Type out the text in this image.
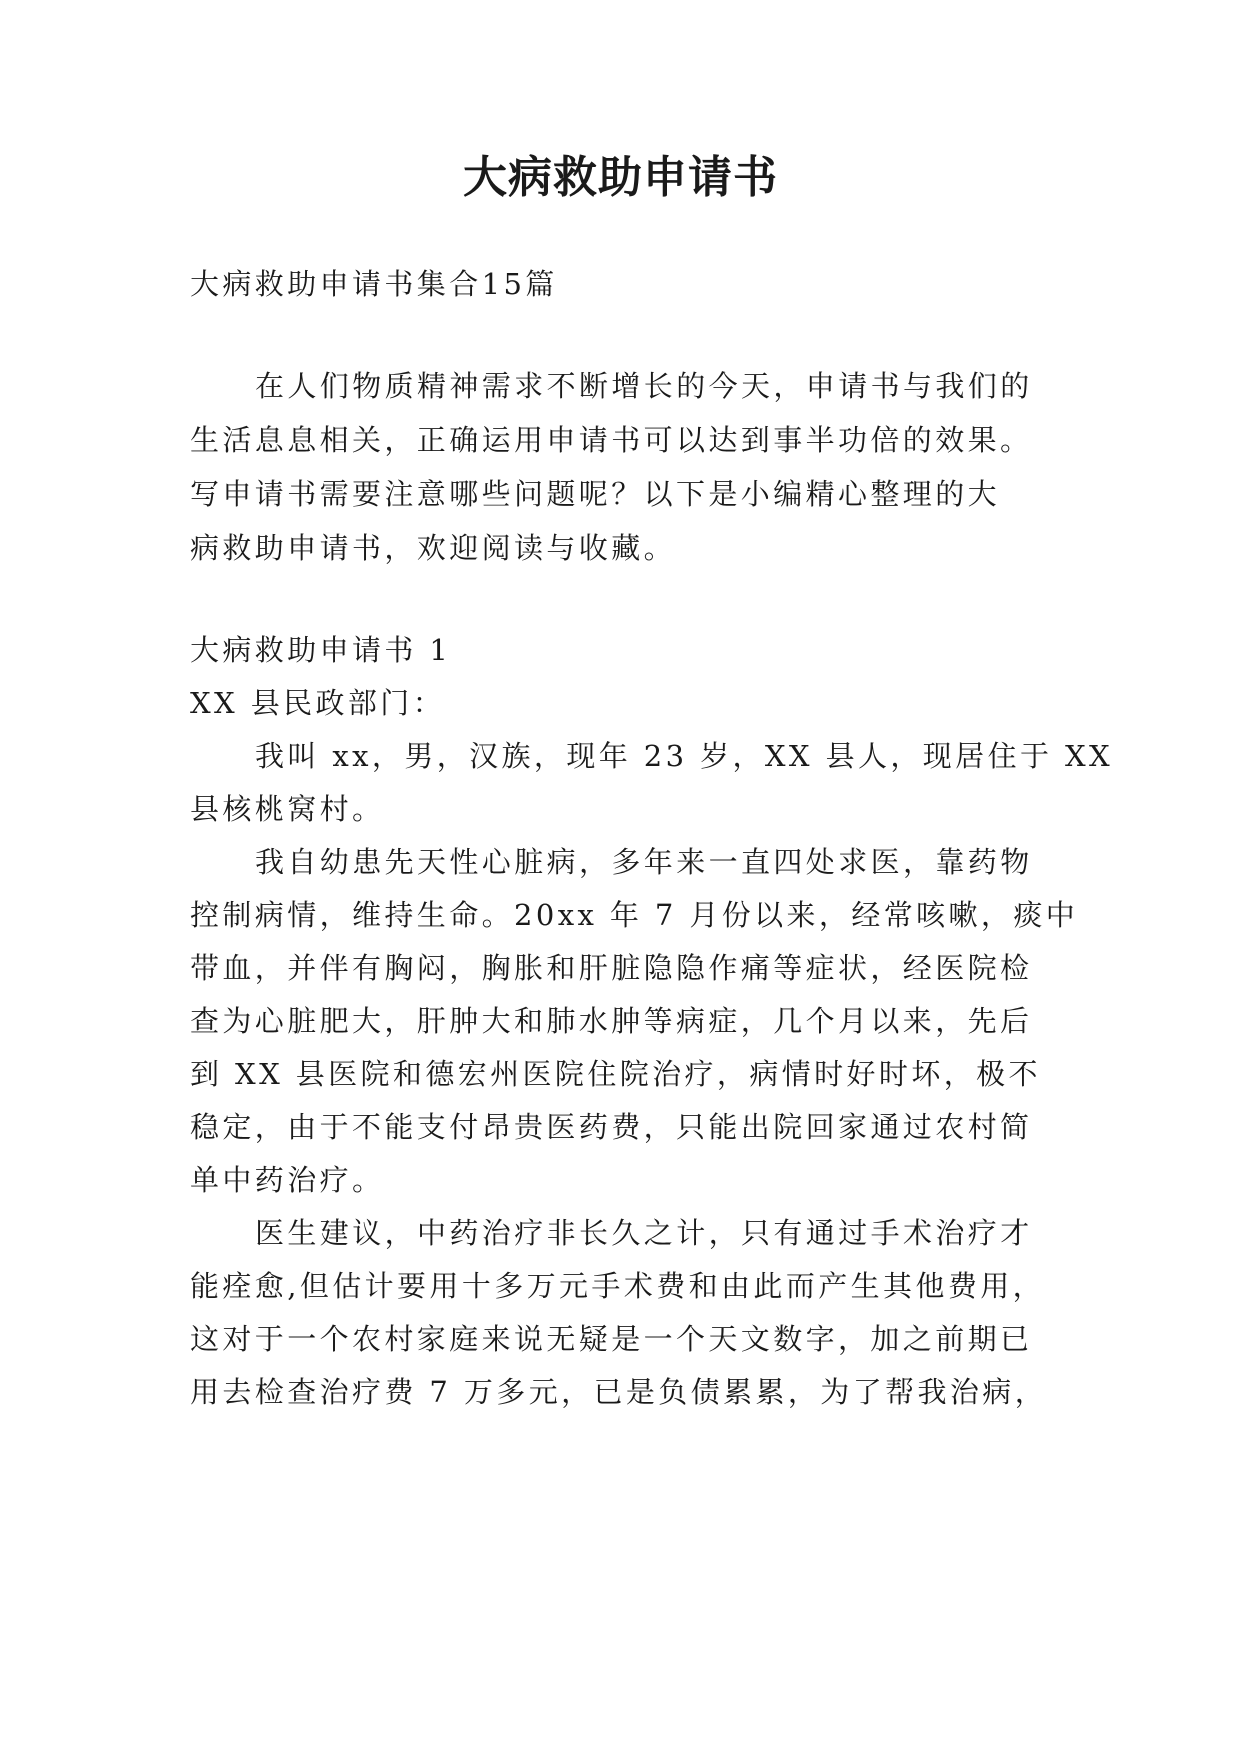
大病救助申请书
大病救助申请书集合15篇
在人们物质精神需求不断增长的今天，申请书与我们的
生活息息相关，正确运用申请书可以达到事半功倍的效果。
写申请书需要注意哪些问题呢？以下是小编精心整理的大
病救助申请书，欢迎阅读与收藏。
大病救助申请书 1
XX 县民政部门：
我叫 xx，男，汉族，现年 23 岁，XX 县人，现居住于 XX
县核桃窝村。
我自幼患先天性心脏病，多年来一直四处求医，靠药物
控制病情，维持生命。20xx 年 7 月份以来，经常咳嗽，痰中
带血，并伴有胸闷，胸胀和肝脏隐隐作痛等症状，经医院检
查为心脏肥大，肝肿大和肺水肿等病症，几个月以来，先后
到 XX 县医院和德宏州医院住院治疗，病情时好时坏，极不
稳定，由于不能支付昂贵医药费，只能出院回家通过农村简
单中药治疗。
医生建议，中药治疗非长久之计，只有通过手术治疗才
能痊愈,但估计要用十多万元手术费和由此而产生其他费用，
这对于一个农村家庭来说无疑是一个天文数字，加之前期已
用去检查治疗费 7 万多元，已是负债累累，为了帮我治病，
